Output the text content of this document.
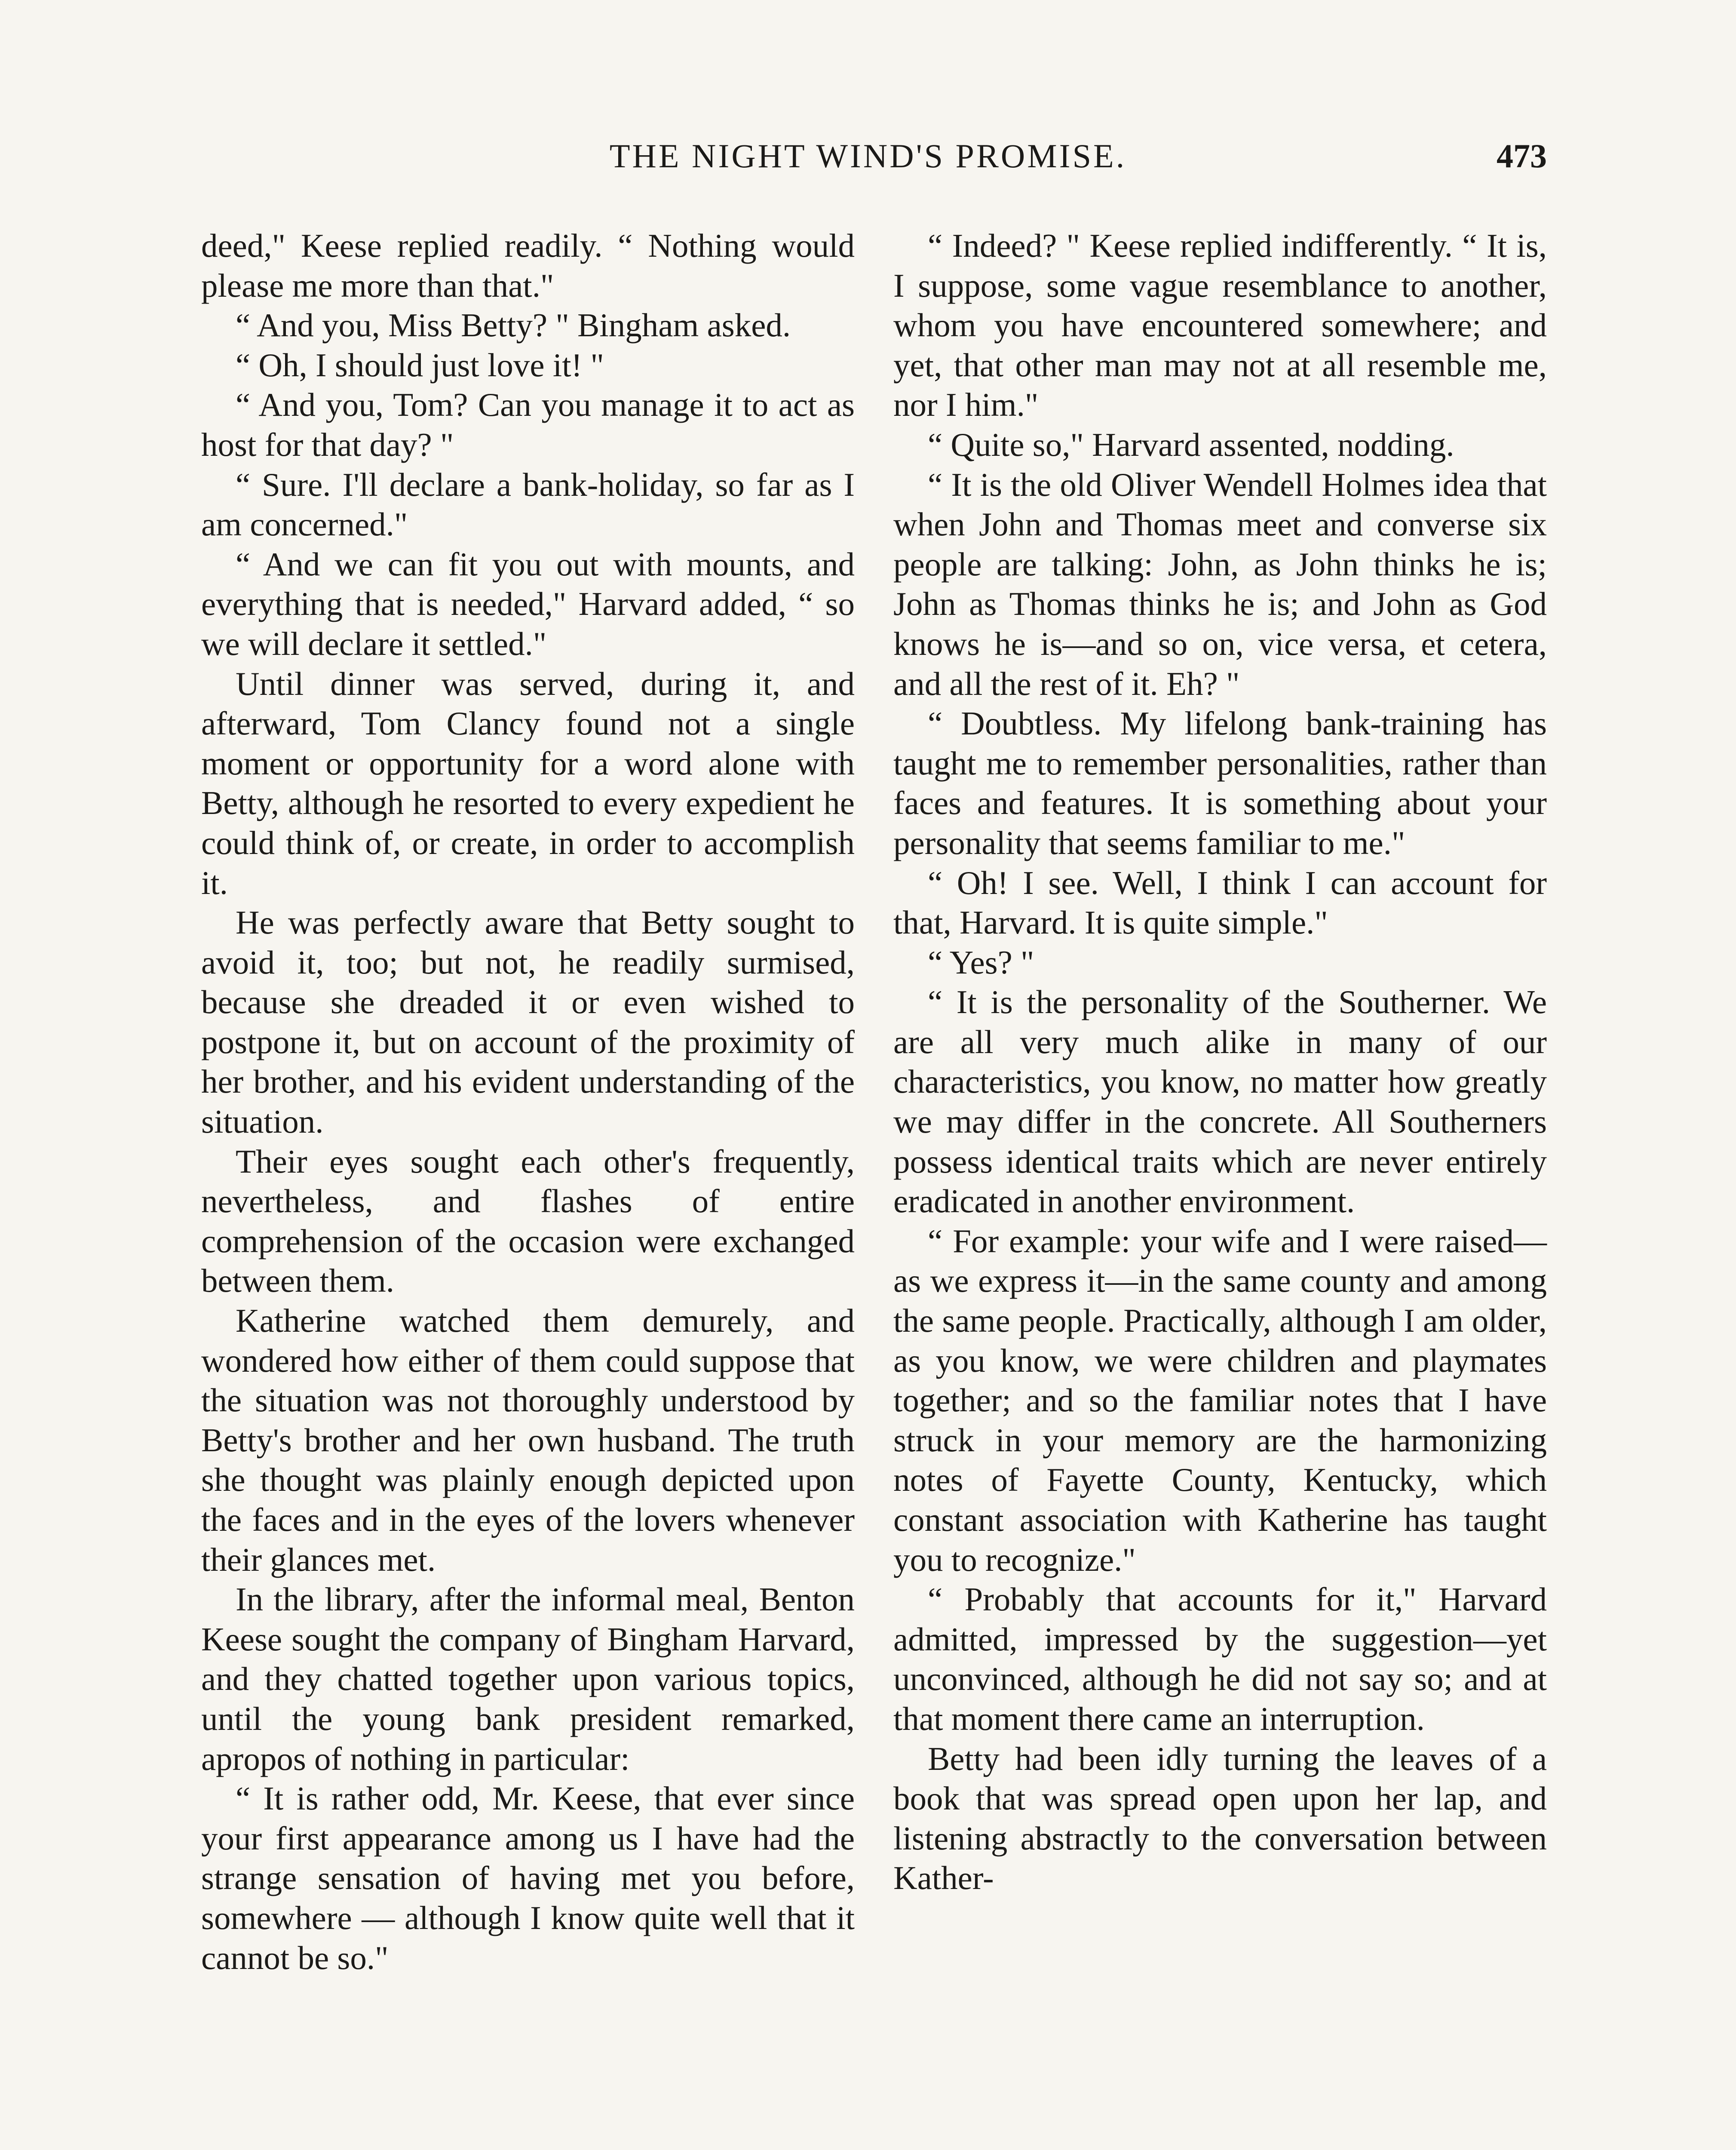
THE NIGHT WIND'S PROMISE.	473

deed," Keese replied readily. “ Nothing would please me more than that."

“ And you, Miss Betty? " Bingham asked.

“ Oh, I should just love it! "

“ And you, Tom? Can you manage it to act as host for that day? "

“ Sure. I'll declare a bank-holiday, so far as I am concerned."

“ And we can fit you out with mounts, and everything that is needed," Harvard added, “ so we will declare it settled."

Until dinner was served, during it, and afterward, Tom Clancy found not a single moment or opportunity for a word alone with Betty, although he resorted to every expedient he could think of, or create, in order to accomplish it.

He was perfectly aware that Betty sought to avoid it, too; but not, he readily surmised, because she dreaded it or even wished to postpone it, but on account of the proximity of her brother, and his evident understanding of the situation.

Their eyes sought each other's frequently, nevertheless, and flashes of entire comprehension of the occasion were exchanged between them.

Katherine watched them demurely, and wondered how either of them could suppose that the situation was not thoroughly understood by Betty's brother and her own husband. The truth she thought was plainly enough depicted upon the faces and in the eyes of the lovers whenever their glances met.

In the library, after the informal meal, Benton Keese sought the company of Bingham Harvard, and they chatted together upon various topics, until the young bank president remarked, apropos of nothing in particular:

“ It is rather odd, Mr. Keese, that ever since your first appearance among us I have had the strange sensation of having met you before, somewhere — although I know quite well that it cannot be so."

“ Indeed? " Keese replied indifferently. “ It is, I suppose, some vague resemblance to another, whom you have encountered somewhere; and yet, that other man may not at all resemble me, nor I him."

“ Quite so," Harvard assented, nodding.

“ It is the old Oliver Wendell Holmes idea that when John and Thomas meet and converse six people are talking: John, as John thinks he is; John as Thomas thinks he is; and John as God knows he is—and so on, vice versa, et cetera, and all the rest of it. Eh? "

“ Doubtless. My lifelong bank-training has taught me to remember personalities, rather than faces and features. It is something about your personality that seems familiar to me."

“ Oh! I see. Well, I think I can account for that, Harvard. It is quite simple."

“ Yes? "

“ It is the personality of the Southerner. We are all very much alike in many of our characteristics, you know, no matter how greatly we may differ in the concrete. All Southerners possess identical traits which are never entirely eradicated in another environment.

“ For example: your wife and I were raised—as we express it—in the same county and among the same people. Practically, although I am older, as you know, we were children and playmates together; and so the familiar notes that I have struck in your memory are the harmonizing notes of Fayette County, Kentucky, which constant association with Katherine has taught you to recognize."

“ Probably that accounts for it," Harvard admitted, impressed by the suggestion—yet unconvinced, although he did not say so; and at that moment there came an interruption.

Betty had been idly turning the leaves of a book that was spread open upon her lap, and listening abstractly to the conversation between Kather-
